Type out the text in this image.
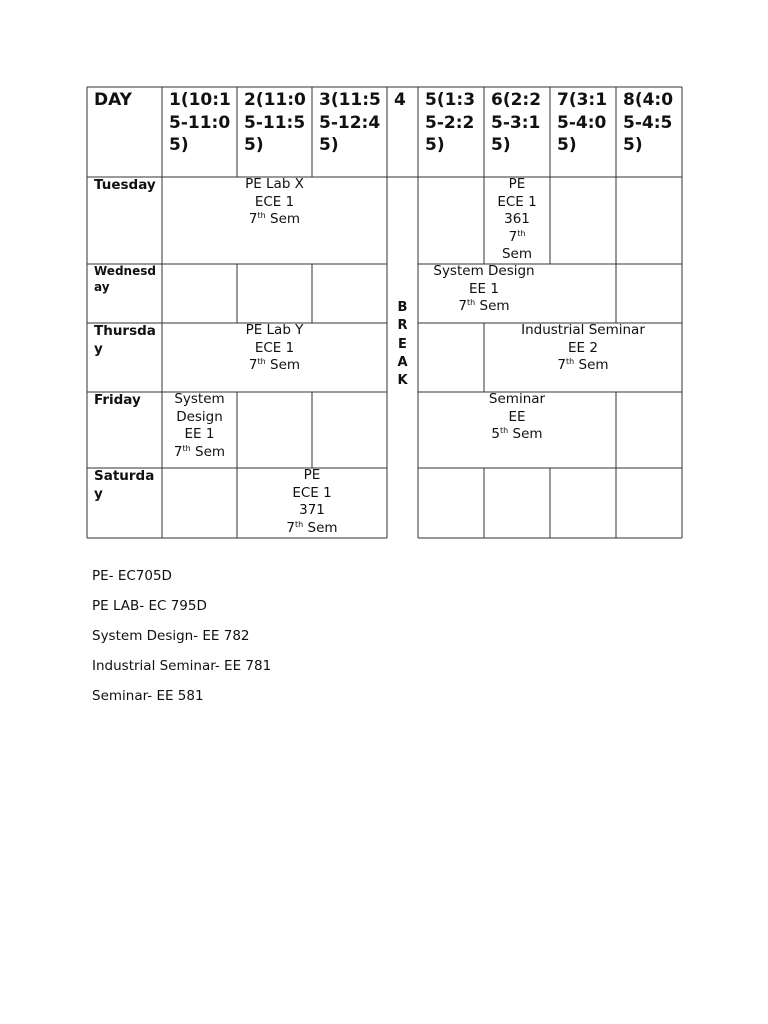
DAY	1(10:15-11:05)
2(11:05-11:55)
3(11:55-12:45)
4	5(1:35-2:25)
6(2:25-3:15)
7(3:15-4:05)
8(4:05-4:55)
Tuesday
Wednesday
Thursday
Friday
Saturday
B
R
E
A
K
PE Lab X
ECE 1
7th Sem
PE
ECE 1
361
7th
Sem
System Design
EE 1
7th Sem
PE Lab Y
ECE 1
7th Sem
Industrial Seminar
EE 2
7th Sem
System
Design
EE 1
7th Sem
Seminar
EE
5th Sem
PE
ECE 1
371
7th Sem
PE- EC705D
PE LAB- EC 795D
System Design- EE 782
Industrial Seminar- EE 781
Seminar- EE 581
